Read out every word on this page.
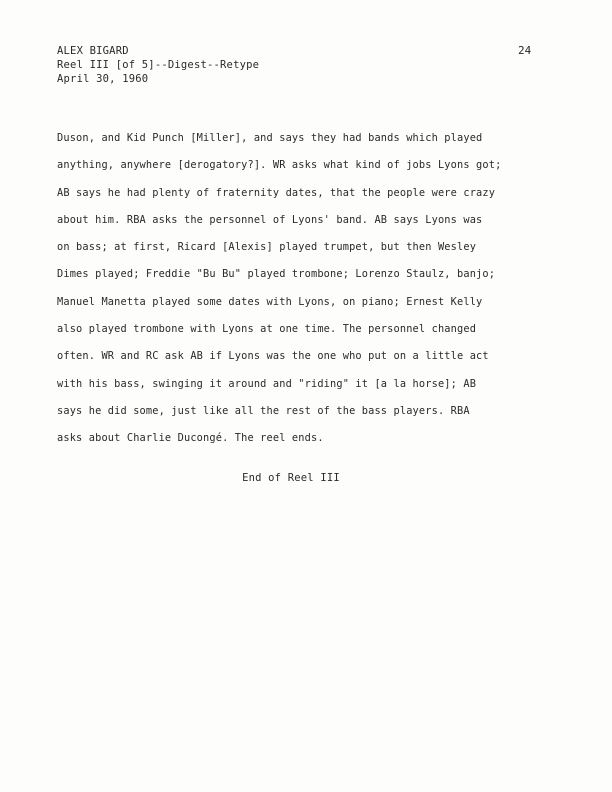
ALEX BIGARD
Reel III [of 5]--Digest--Retype
April 30, 1960
24
Duson, and Kid Punch [Miller], and says they had bands which played
anything, anywhere [derogatory?]. WR asks what kind of jobs Lyons got;
AB says he had plenty of fraternity dates, that the people were crazy
about him. RBA asks the personnel of Lyons' band. AB says Lyons was
on bass; at first, Ricard [Alexis] played trumpet, but then Wesley
Dimes played; Freddie "Bu Bu" played trombone; Lorenzo Staulz, banjo;
Manuel Manetta played some dates with Lyons, on piano; Ernest Kelly
also played trombone with Lyons at one time. The personnel changed
often. WR and RC ask AB if Lyons was the one who put on a little act
with his bass, swinging it around and "riding" it [a la horse]; AB
says he did some, just like all the rest of the bass players. RBA
asks about Charlie Ducongé. The reel ends.
End of Reel III
